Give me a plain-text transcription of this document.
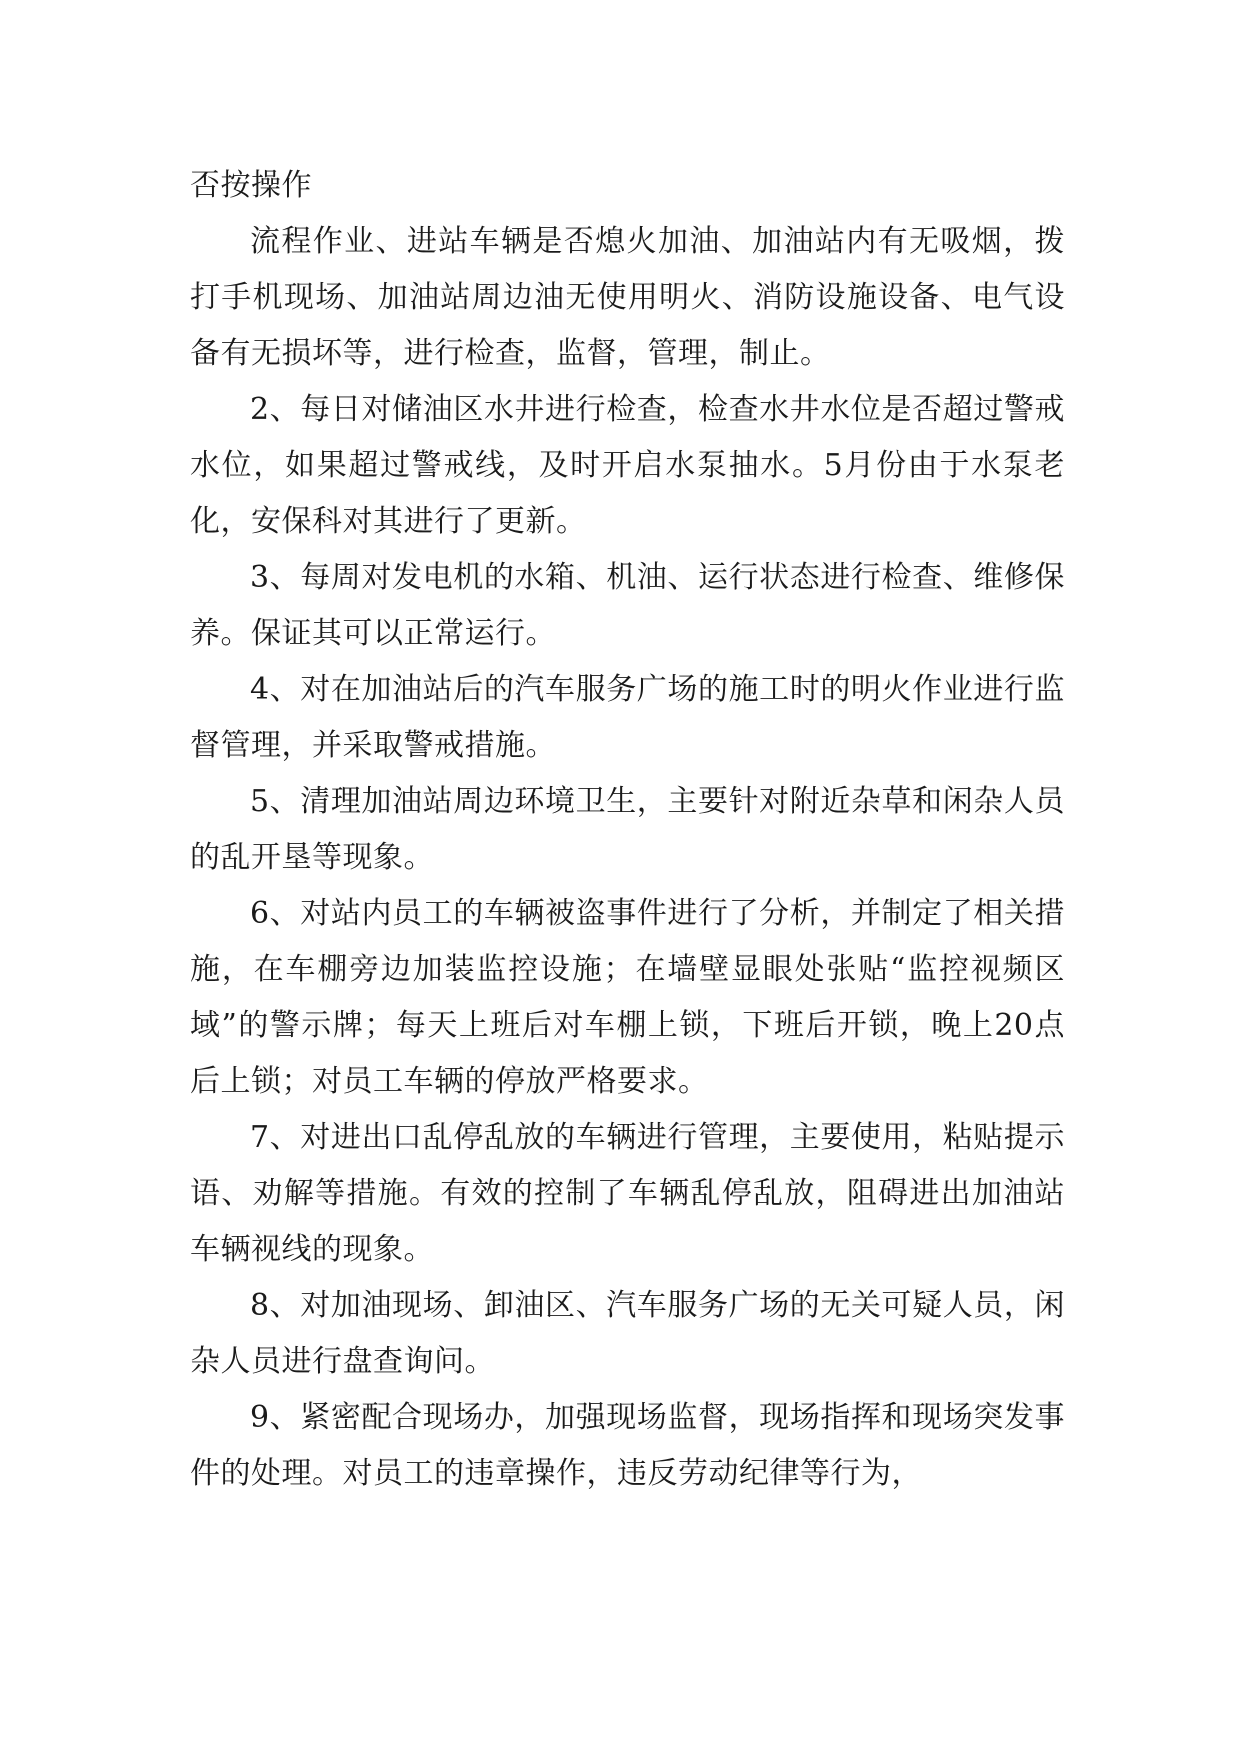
否按操作

流程作业、进站车辆是否熄火加油、加油站内有无吸烟，拨打手机现场、加油站周边油无使用明火、消防设施设备、电气设备有无损坏等，进行检查，监督，管理，制止。

2、每日对储油区水井进行检查，检查水井水位是否超过警戒水位，如果超过警戒线，及时开启水泵抽水。5月份由于水泵老化，安保科对其进行了更新。

3、每周对发电机的水箱、机油、运行状态进行检查、维修保养。保证其可以正常运行。

4、对在加油站后的汽车服务广场的施工时的明火作业进行监督管理，并采取警戒措施。

5、清理加油站周边环境卫生，主要针对附近杂草和闲杂人员的乱开垦等现象。

6、对站内员工的车辆被盗事件进行了分析，并制定了相关措施，在车棚旁边加装监控设施；在墙壁显眼处张贴“监控视频区域”的警示牌；每天上班后对车棚上锁，下班后开锁，晚上20点后上锁；对员工车辆的停放严格要求。

7、对进出口乱停乱放的车辆进行管理，主要使用，粘贴提示语、劝解等措施。有效的控制了车辆乱停乱放，阻碍进出加油站车辆视线的现象。

8、对加油现场、卸油区、汽车服务广场的无关可疑人员，闲杂人员进行盘查询问。

9、紧密配合现场办，加强现场监督，现场指挥和现场突发事件的处理。对员工的违章操作，违反劳动纪律等行为，
